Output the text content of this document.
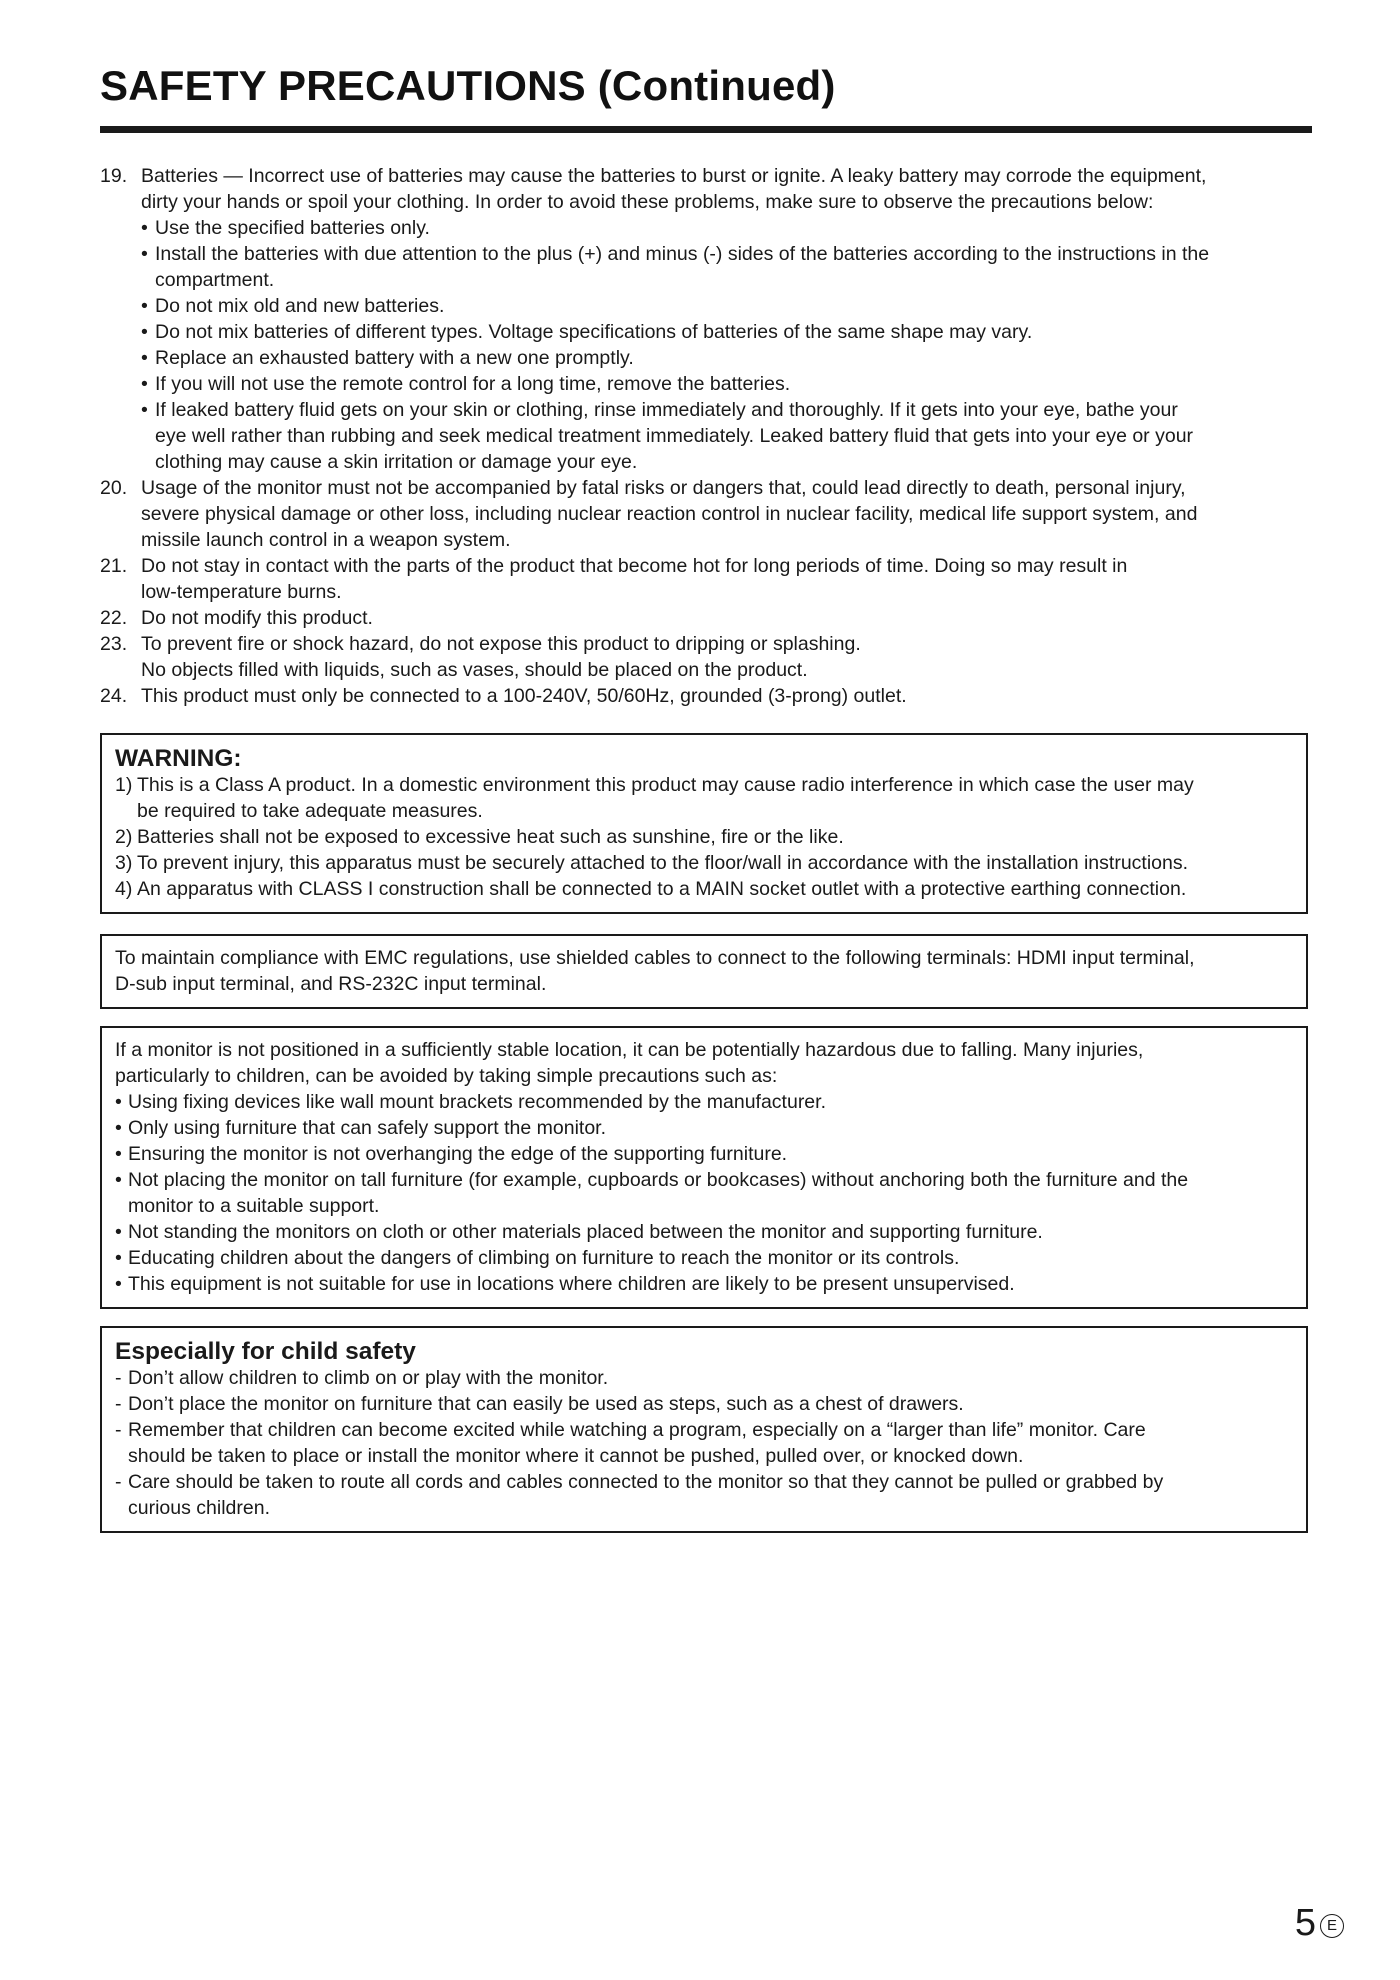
SAFETY PRECAUTIONS (Continued)
19. Batteries — Incorrect use of batteries may cause the batteries to burst or ignite. A leaky battery may corrode the equipment,
dirty your hands or spoil your clothing. In order to avoid these problems, make sure to observe the precautions below:
• Use the specified batteries only.
• Install the batteries with due attention to the plus (+) and minus (-) sides of the batteries according to the instructions in the
compartment.
• Do not mix old and new batteries.
• Do not mix batteries of different types. Voltage specifications of batteries of the same shape may vary.
• Replace an exhausted battery with a new one promptly.
• If you will not use the remote control for a long time, remove the batteries.
• If leaked battery fluid gets on your skin or clothing, rinse immediately and thoroughly. If it gets into your eye, bathe your
eye well rather than rubbing and seek medical treatment immediately. Leaked battery fluid that gets into your eye or your
clothing may cause a skin irritation or damage your eye.
20. Usage of the monitor must not be accompanied by fatal risks or dangers that, could lead directly to death, personal injury,
severe physical damage or other loss, including nuclear reaction control in nuclear facility, medical life support system, and
missile launch control in a weapon system.
21. Do not stay in contact with the parts of the product that become hot for long periods of time. Doing so may result in
low-temperature burns.
22. Do not modify this product.
23. To prevent fire or shock hazard, do not expose this product to dripping or splashing.
No objects filled with liquids, such as vases, should be placed on the product.
24. This product must only be connected to a 100-240V, 50/60Hz, grounded (3-prong) outlet.
WARNING:
1) This is a Class A product. In a domestic environment this product may cause radio interference in which case the user may
be required to take adequate measures.
2) Batteries shall not be exposed to excessive heat such as sunshine, fire or the like.
3) To prevent injury, this apparatus must be securely attached to the floor/wall in accordance with the installation instructions.
4) An apparatus with CLASS I construction shall be connected to a MAIN socket outlet with a protective earthing connection.
To maintain compliance with EMC regulations, use shielded cables to connect to the following terminals: HDMI input terminal,
D-sub input terminal, and RS-232C input terminal.
If a monitor is not positioned in a sufficiently stable location, it can be potentially hazardous due to falling. Many injuries,
particularly to children, can be avoided by taking simple precautions such as:
• Using fixing devices like wall mount brackets recommended by the manufacturer.
• Only using furniture that can safely support the monitor.
• Ensuring the monitor is not overhanging the edge of the supporting furniture.
• Not placing the monitor on tall furniture (for example, cupboards or bookcases) without anchoring both the furniture and the
monitor to a suitable support.
• Not standing the monitors on cloth or other materials placed between the monitor and supporting furniture.
• Educating children about the dangers of climbing on furniture to reach the monitor or its controls.
• This equipment is not suitable for use in locations where children are likely to be present unsupervised.
Especially for child safety
- Don’t allow children to climb on or play with the monitor.
- Don’t place the monitor on furniture that can easily be used as steps, such as a chest of drawers.
- Remember that children can become excited while watching a program, especially on a “larger than life” monitor. Care
should be taken to place or install the monitor where it cannot be pushed, pulled over, or knocked down.
- Care should be taken to route all cords and cables connected to the monitor so that they cannot be pulled or grabbed by
curious children.
5 E
